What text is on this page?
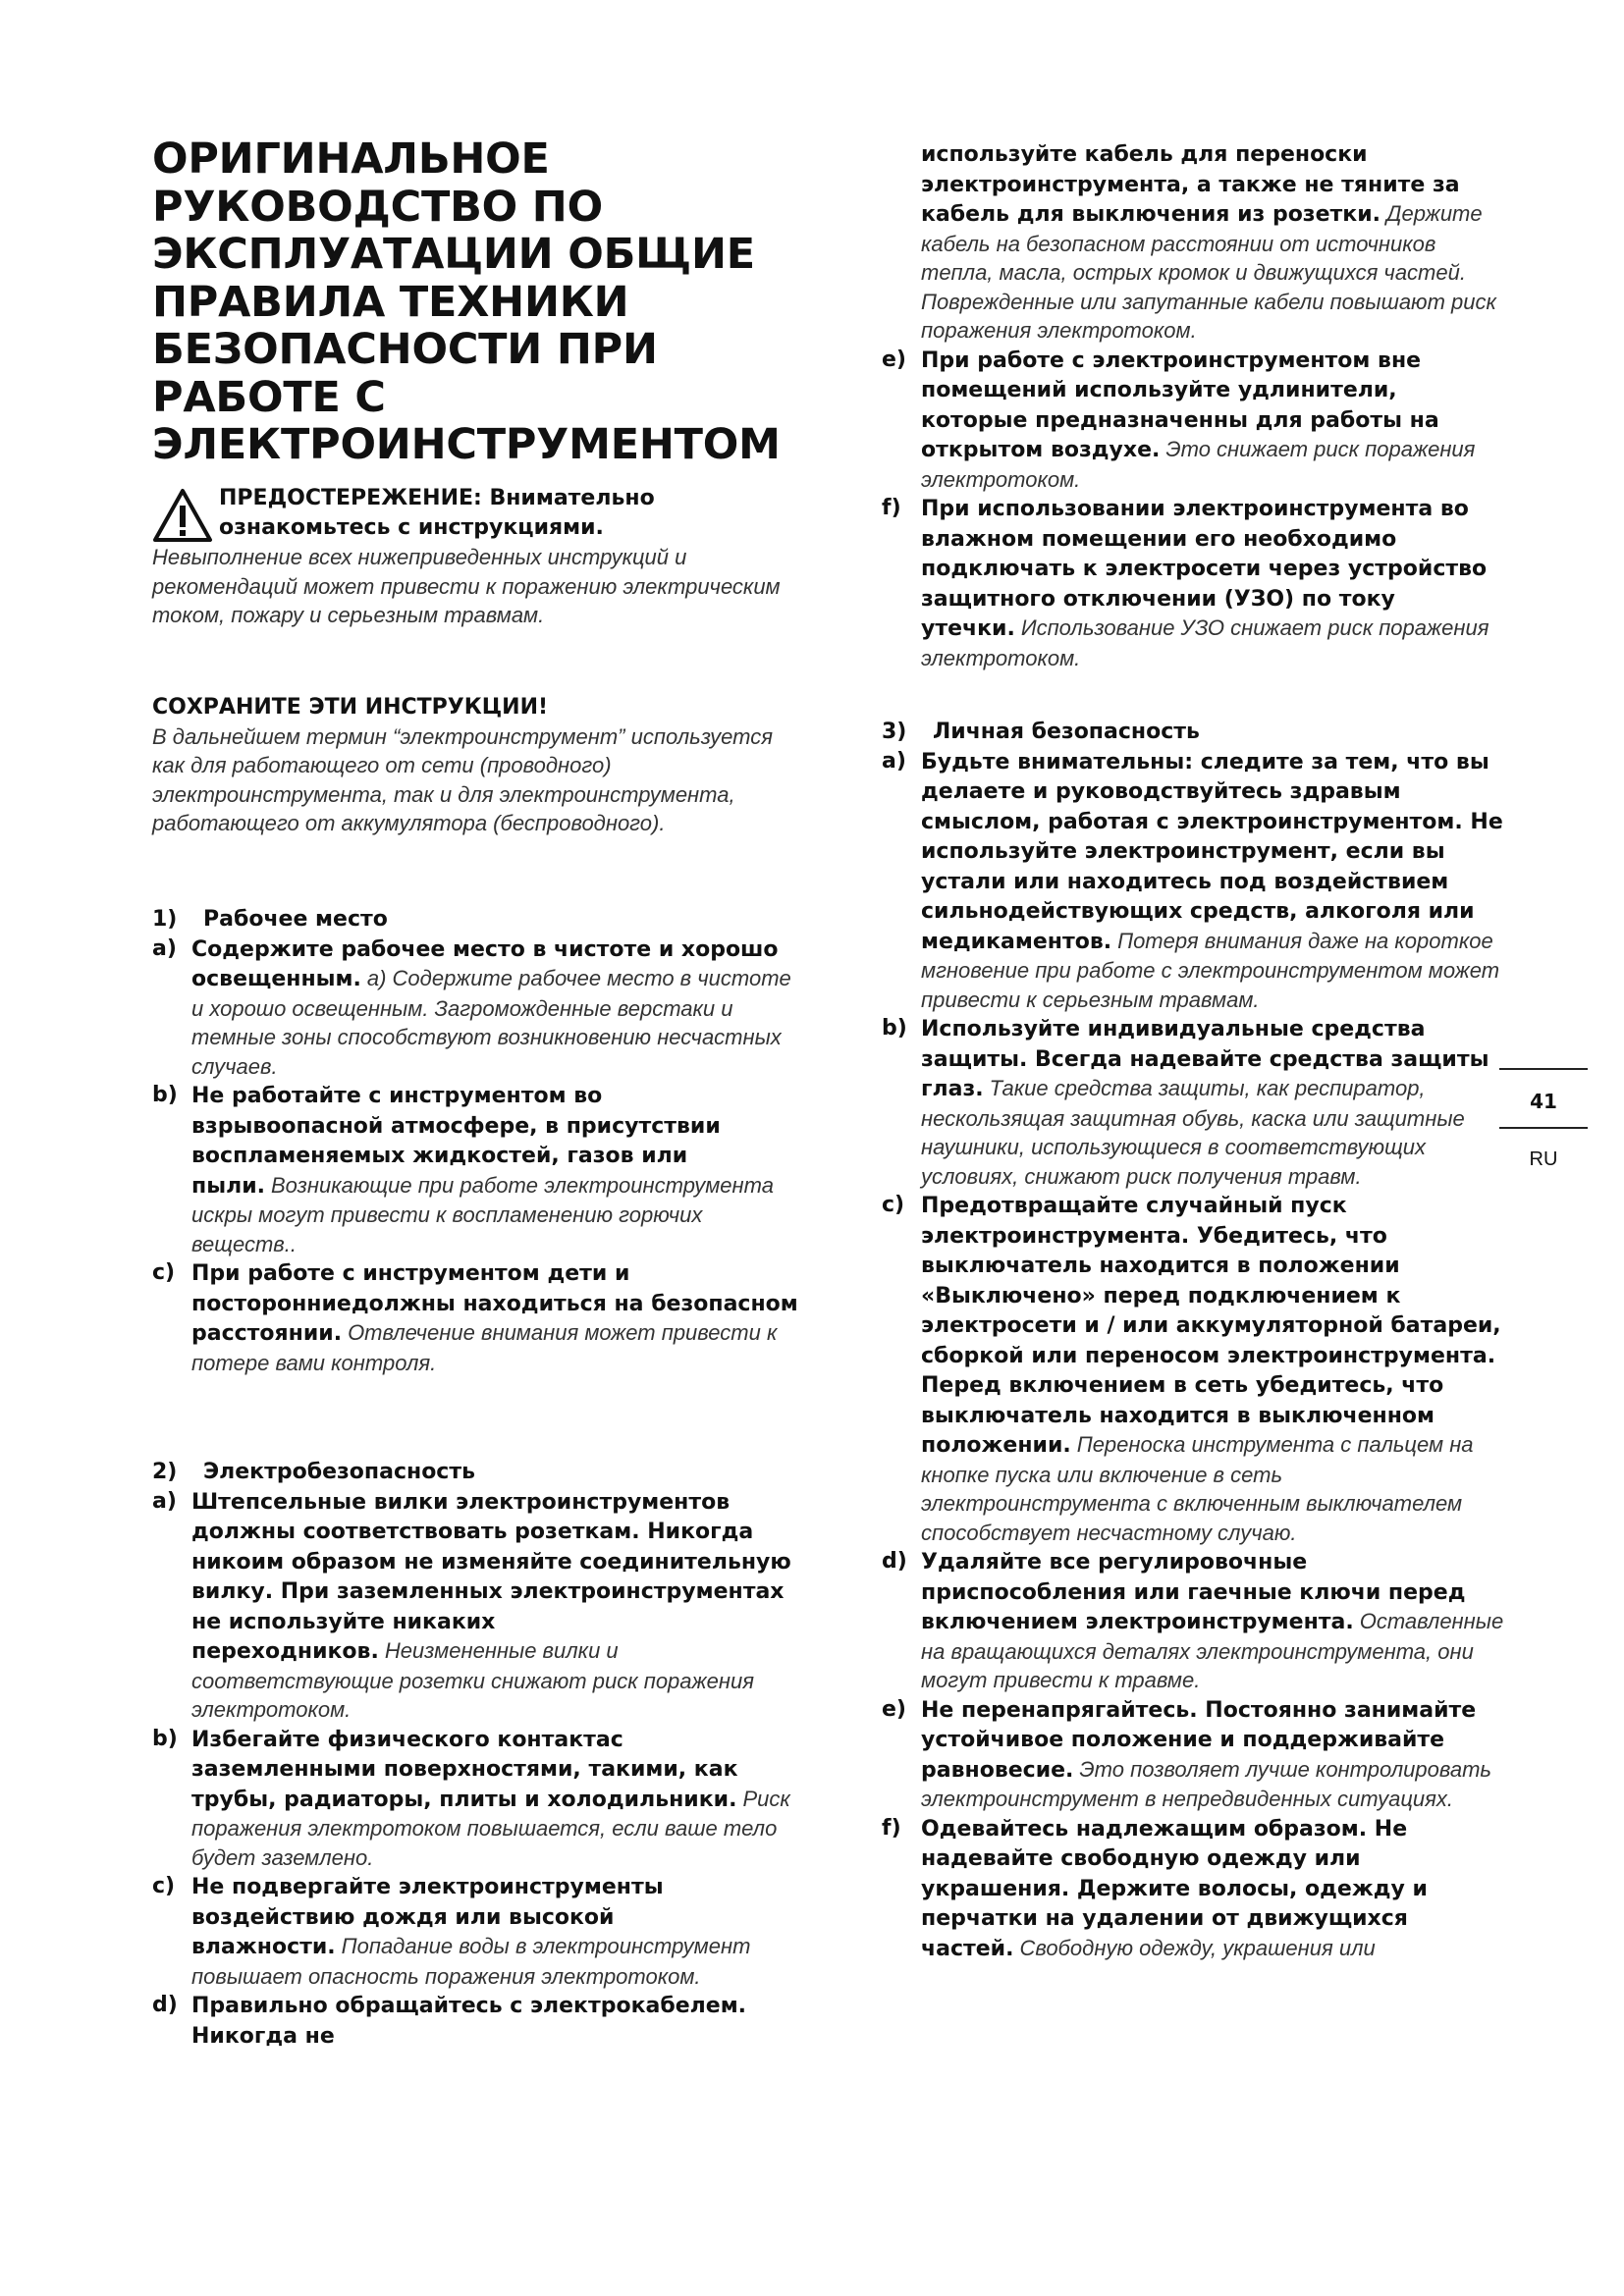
ОРИГИНАЛЬНОЕ РУКОВОДСТВО ПО ЭКСПЛУАТАЦИИ ОБЩИЕ ПРАВИЛА ТЕХНИКИ БЕЗОПАСНОСТИ ПРИ РАБОТЕ С ЭЛЕКТРОИНСТРУМЕНТОМ

ПРЕДОСТЕРЕЖЕНИЕ: Внимательно ознакомьтесь с инструкциями.

Невыполнение всех нижеприведенных инструкций и рекомендаций может привести к поражению электрическим током, пожару и серьезным травмам.

СОХРАНИТЕ ЭТИ ИНСТРУКЦИИ!

В дальнейшем термин “электроинструмент” используется как для работающего от сети (проводного) электроинструмента, так и для электроинструмента, работающего от аккумулятора (беспроводного).

1)	Рабочее место

a) Содержите рабочее место в чистоте и хорошо освещенным. а) Содержите рабочее место в чистоте и хорошо освещенным. Загроможденные верстаки и темные зоны способствуют возникновению несчастных случаев.
b) Не работайте с инструментом во взрывоопасной атмосфере, в присутствии воспламеняемых жидкостей, газов или пыли. Возникающие при работе электроинструмента искры могут привести к воспламенению горючих веществ..
c) При работе с инструментом дети и посторонниедолжны находиться на безопасном расстоянии. Отвлечение внимания может привести к потере вами контроля.

2)	Электробезопасность

a) Штепсельные вилки электроинструментов должны соответствовать розеткам. Никогда никоим образом не изменяйте соединительную вилку. При заземленных электроинструментах не используйте никаких переходников. Неизмененные вилки и соответствующие розетки снижают риск поражения электротоком.
b) Избегайте физического контактас заземленными поверхностями, такими, как трубы, радиаторы, плиты и холодильники. Риск поражения электротоком повышается, если ваше тело будет заземлено.
c) Не подвергайте электроинструменты воздействию дождя или высокой влажности. Попадание воды в электроинструмент повышает опасность поражения электротоком.
d) Правильно обращайтесь с электрокабелем. Никогда не
используйте кабель для переноски электроинструмента, а также не тяните за кабель для выключения из розетки. Держите кабель на безопасном расстоянии от источников тепла, масла, острых кромок и движущихся частей. Поврежденные или запутанные кабели повышают риск поражения электротоком.
e) При работе с электроинструментом вне помещений используйте удлинители, которые предназначенны для работы на открытом воздухе. Это снижает риск поражения электротоком.
f) При использовании электроинструмента во влажном помещении его необходимо подключать к электросети через устройство защитного отключении (УЗО) по току утечки. Использование УЗО снижает риск поражения электротоком.

3)	Личная безопасность

a) Будьте внимательны: следите за тем, что вы делаете и руководствуйтесь здравым смыслом, работая с электроинструментом. Не используйте электроинструмент, если вы устали или находитесь под воздействием сильнодействующих средств, алкоголя или медикаментов. Потеря внимания даже на короткое мгновение при работе с электроинструментом может привести к серьезным травмам.
b) Используйте индивидуальные средства защиты. Всегда надевайте средства защиты глаз. Такие средства защиты, как респиратор, нескользящая защитная обувь, каска или защитные наушники, использующиеся в соответствующих условиях, снижают риск получения травм.
c) Предотвращайте случайный пуск электроинструмента. Убедитесь, что выключатель находится в положении «Выключено» перед подключением к электросети и / или аккумуляторной батареи, сборкой или переносом электроинструмента. Перед включением в сеть убедитесь, что выключатель находится в выключенном положении. Переноска инструмента с пальцем на кнопке пуска или включение в сеть электроинструмента с включенным выключателем способствует несчастному случаю.
d) Удаляйте все регулировочные приспособления или гаечные ключи перед включением электроинструмента. Оставленные на вращающихся деталях электроинструмента, они могут привести к травме.
e) Не перенапрягайтесь. Постоянно занимайте устойчивое положение и поддерживайте равновесие. Это позволяет лучше контролировать электроинструмент в непредвиденных ситуациях.
f) Одевайтесь надлежащим образом. Не надевайте свободную одежду или украшения. Держите волосы, одежду и перчатки на удалении от движущихся частей. Свободную одежду, украшения или
41
RU
